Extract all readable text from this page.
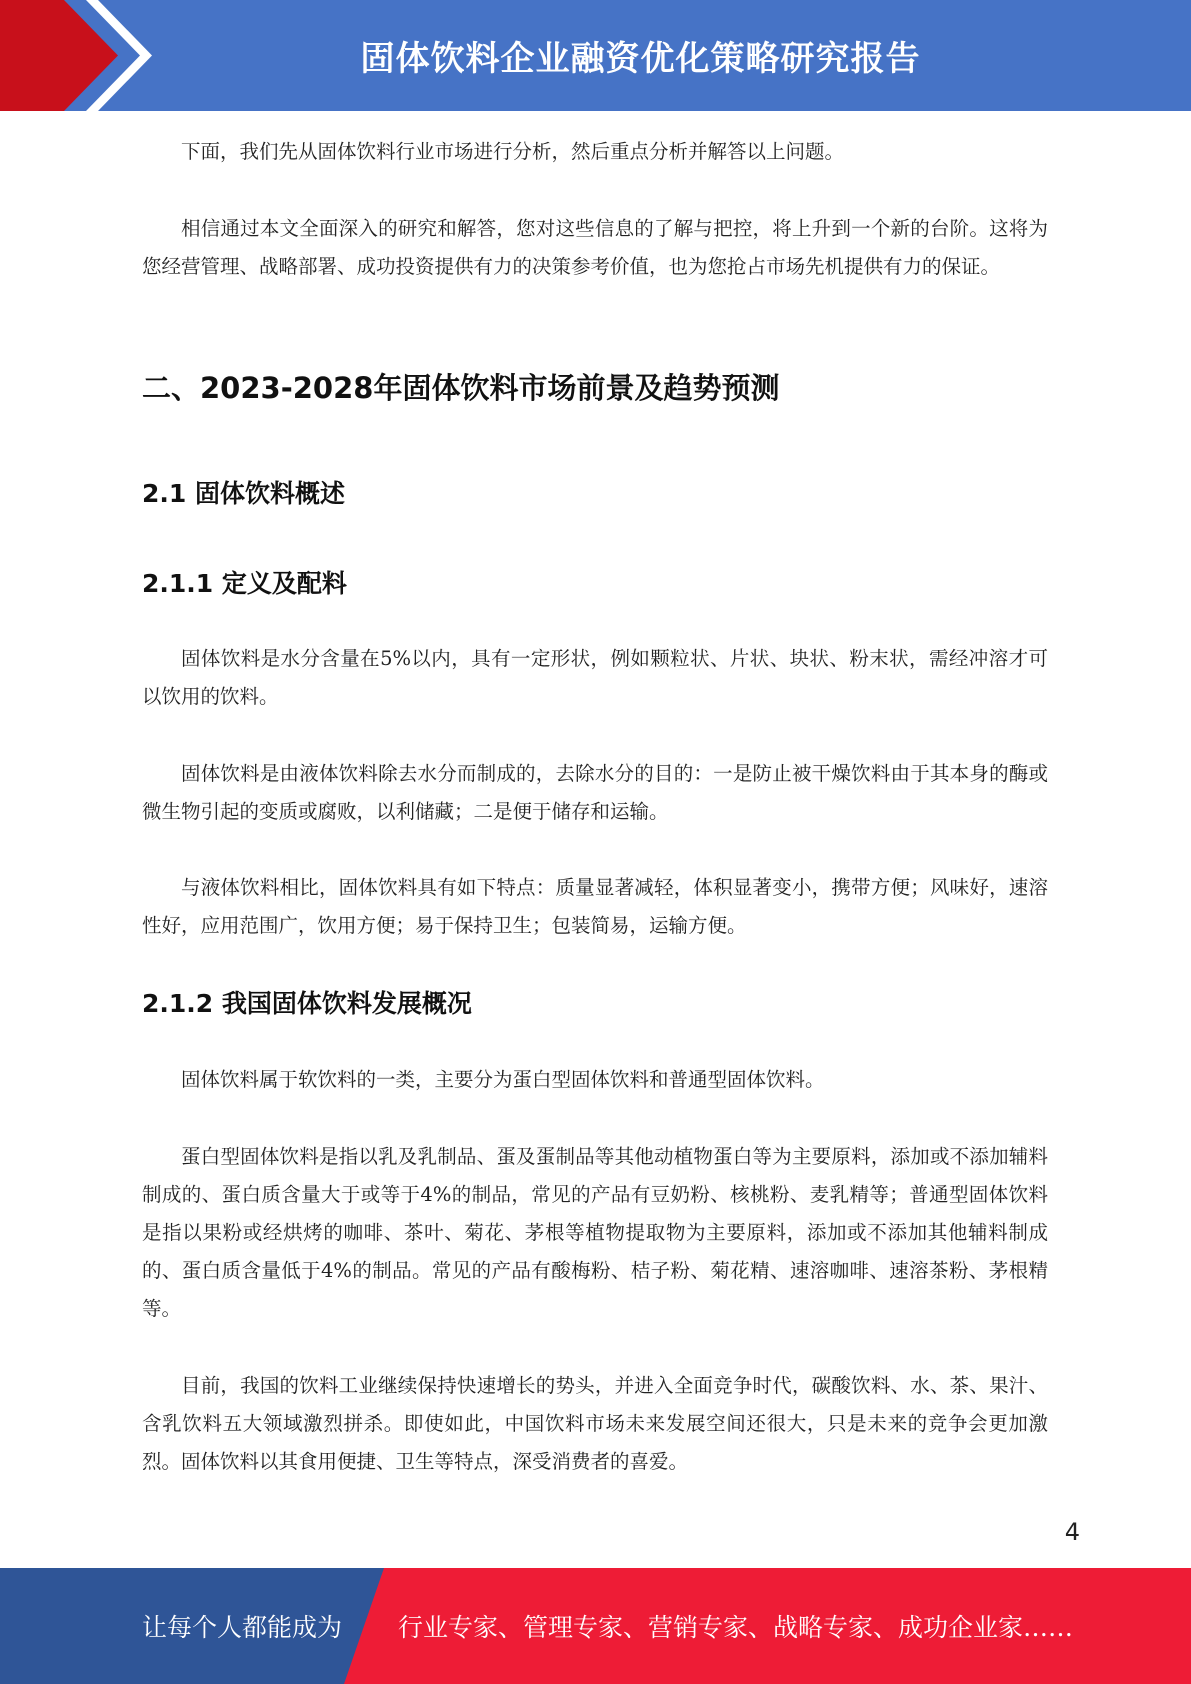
固体饮料企业融资优化策略研究报告

下面，我们先从固体饮料行业市场进行分析，然后重点分析并解答以上问题。

相信通过本文全面深入的研究和解答，您对这些信息的了解与把控，将上升到一个新的台阶。这将为您经营管理、战略部署、成功投资提供有力的决策参考价值，也为您抢占市场先机提供有力的保证。

二、2023-2028年固体饮料市场前景及趋势预测
2.1 固体饮料概述
2.1.1 定义及配料

固体饮料是水分含量在5%以内，具有一定形状，例如颗粒状、片状、块状、粉末状，需经冲溶才可以饮用的饮料。

固体饮料是由液体饮料除去水分而制成的，去除水分的目的：一是防止被干燥饮料由于其本身的酶或微生物引起的变质或腐败，以利储藏；二是便于储存和运输。

与液体饮料相比，固体饮料具有如下特点：质量显著减轻，体积显著变小，携带方便；风味好，速溶性好，应用范围广，饮用方便；易于保持卫生；包装简易，运输方便。

2.1.2 我国固体饮料发展概况

固体饮料属于软饮料的一类，主要分为蛋白型固体饮料和普通型固体饮料。

蛋白型固体饮料是指以乳及乳制品、蛋及蛋制品等其他动植物蛋白等为主要原料，添加或不添加辅料制成的、蛋白质含量大于或等于4%的制品，常见的产品有豆奶粉、核桃粉、麦乳精等；普通型固体饮料是指以果粉或经烘烤的咖啡、茶叶、菊花、茅根等植物提取物为主要原料，添加或不添加其他辅料制成的、蛋白质含量低于4%的制品。常见的产品有酸梅粉、桔子粉、菊花精、速溶咖啡、速溶茶粉、茅根精等。

目前，我国的饮料工业继续保持快速增长的势头，并进入全面竞争时代，碳酸饮料、水、茶、果汁、含乳饮料五大领域激烈拼杀。即使如此，中国饮料市场未来发展空间还很大，只是未来的竞争会更加激烈。固体饮料以其食用便捷、卫生等特点，深受消费者的喜爱。

4
让每个人都能成为 行业专家、管理专家、营销专家、战略专家、成功企业家……
